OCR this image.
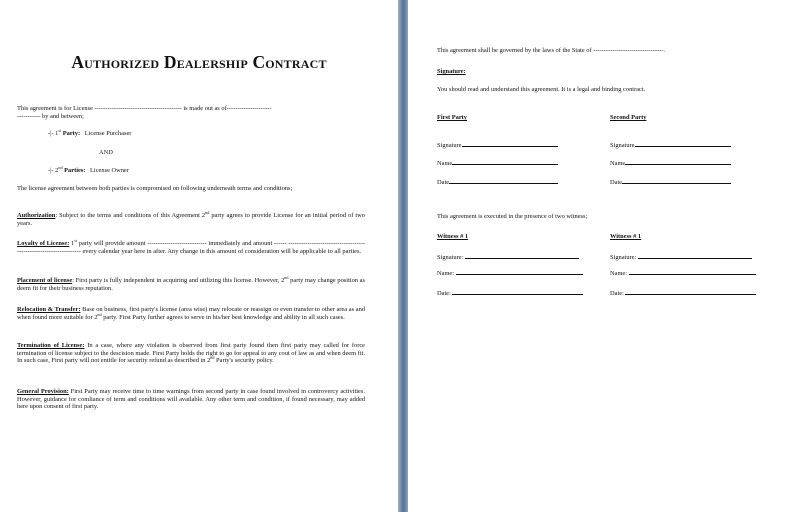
Authorized Dealership Contract
This agreement is for License ----------------------------------------- is made out as of---------------------
----------- by and between;
-|- 1st Party: License Purchaser
AND
-|- 2nd Parties: License Owner
The license agreement between both parties is compromised on following underneath terms and conditions;
Authorization: Subject to the terms and conditions of this Agreement 2nd party agrees to provide License for an initial period of two years.
Loyalty of License: 1st party will provide amount ---------------------------- immediately and amount ------ ------------------------------------------------------------------ every calendar year here in after. Any change in this amount of consideration will be applicable to all parties.
Placement of license: First party is fully independent in acquiring and utilizing this license. However, 2nd party may change position as deem fit for their business reputation.
Relocation & Transfer: Base on business, first party's license (area wise) may relocate or reassign or even transfer to other area as and when found more suitable for 2nd party. First Party further agrees to serve in his/her best knowledge and ability in all such cases.
Termination of License: In a case, where any violation is observed from first party found then first party may called for force termination of license subject to the descision made. First Party holds the right to go for appeal to any cout of law as and when deem fit. In such case, First party will not entitle for security refund as described in 2nd Party's security policy.
General Provision: First Party may receive time to time warnings from second party in case found involved in controvercy activities. However, guidance for comliance of term and conditions will available. Any other term and condition, if found necessary, may added here upon consent of first party.
This agreement shall be governed by the laws of the State of ---------------------------------.
Signature:
You should read and understand this agreement. It is a legal and binding contract.
First Party	Second Party
Signature
Name
Date
Signature
Name
Date
This agreement is executed in the presence of two witness;
Witness # 1	Witness # 1
Signature:
Name:
Date:
Signature:
Name:
Date:
